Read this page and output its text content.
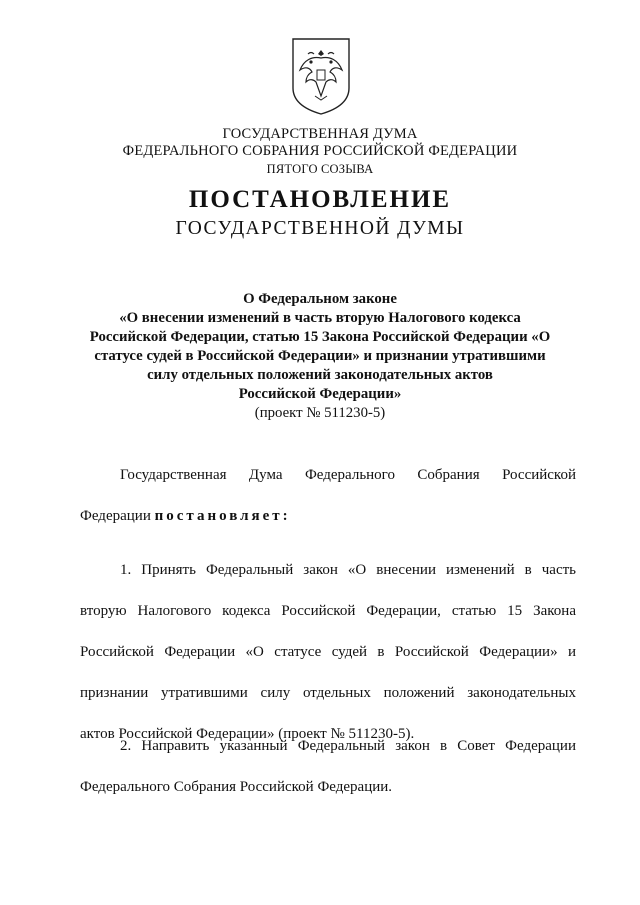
ГОСУДАРСТВЕННАЯ ДУМА
ФЕДЕРАЛЬНОГО СОБРАНИЯ РОССИЙСКОЙ ФЕДЕРАЦИИ
ПЯТОГО СОЗЫВА
ПОСТАНОВЛЕНИЕ
ГОСУДАРСТВЕННОЙ ДУМЫ
О Федеральном законе
«О внесении изменений в часть вторую Налогового кодекса
Российской Федерации, статью 15 Закона Российской Федерации «О
статусе судей в Российской Федерации» и признании утратившими
силу отдельных положений законодательных актов
Российской Федерации»
(проект № 511230-5)
Государственная Дума Федерального Собрания Российской
Федерации постановляет:
1. Принять Федеральный закон «О внесении изменений в часть
вторую Налогового кодекса Российской Федерации, статью 15 Закона
Российской Федерации «О статусе судей в Российской Федерации» и
признании утратившими силу отдельных положений законодательных
актов Российской Федерации» (проект № 511230-5).
2. Направить указанный Федеральный закон в Совет Федерации
Федерального Собрания Российской Федерации.
